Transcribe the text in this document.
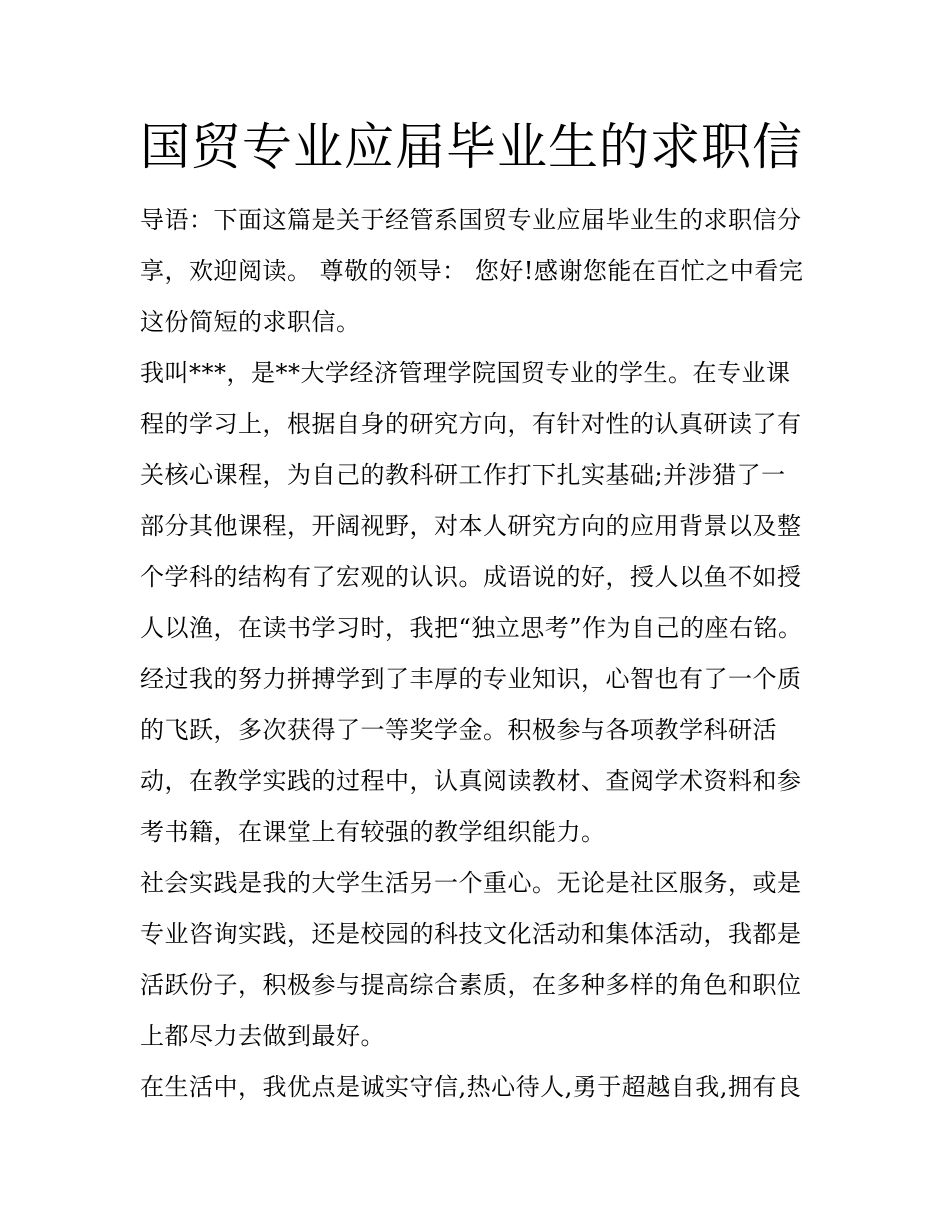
国贸专业应届毕业生的求职信
导语：下面这篇是关于经管系国贸专业应届毕业生的求职信分
享，欢迎阅读。 尊敬的领导： 您好!感谢您能在百忙之中看完
这份简短的求职信。
我叫***，是**大学经济管理学院国贸专业的学生。在专业课
程的学习上，根据自身的研究方向，有针对性的认真研读了有
关核心课程，为自己的教科研工作打下扎实基础;并涉猎了一
部分其他课程，开阔视野，对本人研究方向的应用背景以及整
个学科的结构有了宏观的认识。成语说的好，授人以鱼不如授
人以渔，在读书学习时，我把“独立思考”作为自己的座右铭。
经过我的努力拼搏学到了丰厚的专业知识，心智也有了一个质
的飞跃，多次获得了一等奖学金。积极参与各项教学科研活
动，在教学实践的过程中，认真阅读教材、查阅学术资料和参
考书籍，在课堂上有较强的教学组织能力。
社会实践是我的大学生活另一个重心。无论是社区服务，或是
专业咨询实践，还是校园的科技文化活动和集体活动，我都是
活跃份子，积极参与提高综合素质，在多种多样的角色和职位
上都尽力去做到最好。
在生活中，我优点是诚实守信,热心待人,勇于超越自我,拥有良
